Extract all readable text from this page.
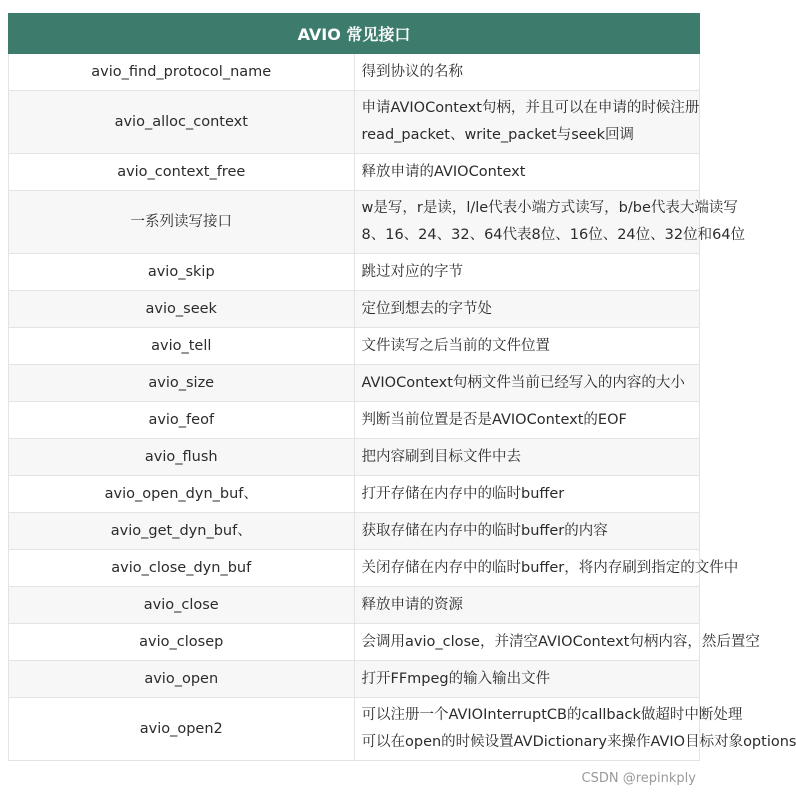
AVIO 常见接口	
avio_find_protocol_name	得到协议的名称

avio_alloc_context	申请AVIOContext句柄，并且可以在申请的时候注册
read_packet、write_packet与seek回调

avio_context_free	释放申请的AVIOContext

一系列读写接口	w是写，r是读，l/le代表小端方式读写，b/be代表大端读写
8、16、24、32、64代表8位、16位、24位、32位和64位

avio_skip	跳过对应的字节

avio_seek	定位到想去的字节处

avio_tell	文件读写之后当前的文件位置

avio_size	AVIOContext句柄文件当前已经写入的内容的大小

avio_feof	判断当前位置是否是AVIOContext的EOF

avio_flush	把内容刷到目标文件中去

avio_open_dyn_buf、	打开存储在内存中的临时buffer

avio_get_dyn_buf、	获取存储在内存中的临时buffer的内容

avio_close_dyn_buf	关闭存储在内存中的临时buffer，将内存刷到指定的文件中

avio_close	释放申请的资源

avio_closep	会调用avio_close，并清空AVIOContext句柄内容，然后置空

avio_open	打开FFmpeg的输入输出文件

avio_open2	可以注册一个AVIOInterruptCB的callback做超时中断处理
可以在open的时候设置AVDictionary来操作AVIO目标对象options
CSDN @repinkply
